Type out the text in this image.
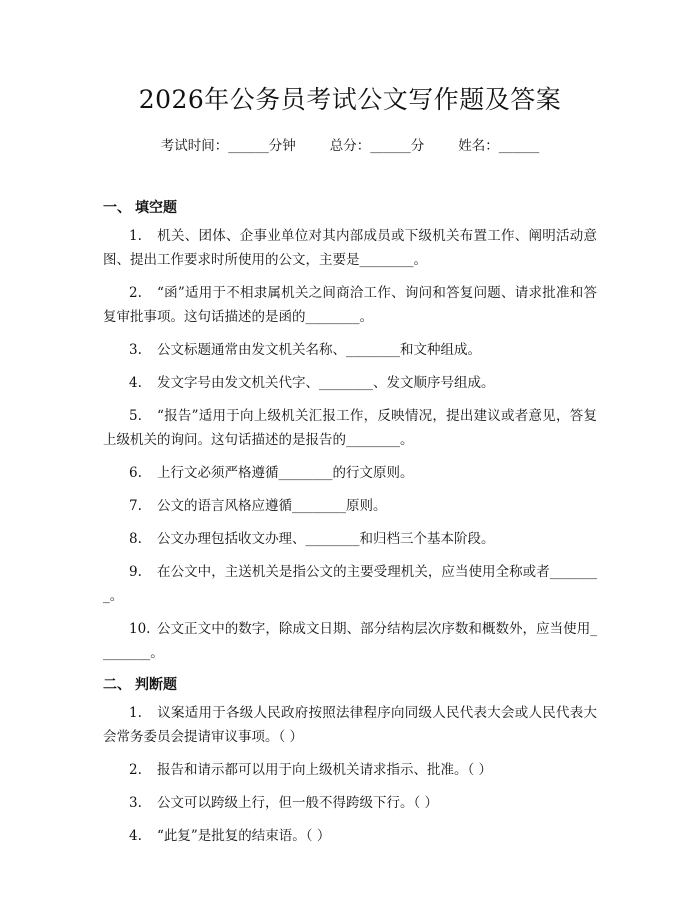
2026年公务员考试公文写作题及答案
考试时间：______分钟	总分：______分	姓名：______
一、 填空题

1. 机关、团体、企事业单位对其内部成员或下级机关布置工作、阐明活动意图、提出工作要求时所使用的公文，主要是________。

2. “函”适用于不相隶属机关之间商洽工作、询问和答复问题、请求批准和答复审批事项。这句话描述的是函的________。

3. 公文标题通常由发文机关名称、________和文种组成。

4. 发文字号由发文机关代字、________、发文顺序号组成。

5. “报告”适用于向上级机关汇报工作，反映情况，提出建议或者意见，答复上级机关的询问。这句话描述的是报告的________。

6. 上行文必须严格遵循________的行文原则。

7. 公文的语言风格应遵循________原则。

8. 公文办理包括收文办理、________和归档三个基本阶段。

9. 在公文中，主送机关是指公文的主要受理机关，应当使用全称或者________。

10. 公文正文中的数字，除成文日期、部分结构层次序数和概数外，应当使用________。

二、 判断题

1. 议案适用于各级人民政府按照法律程序向同级人民代表大会或人民代表大会常务委员会提请审议事项。（ ）

2. 报告和请示都可以用于向上级机关请求指示、批准。（ ）

3. 公文可以跨级上行，但一般不得跨级下行。（ ）

4. “此复”是批复的结束语。（ ）
